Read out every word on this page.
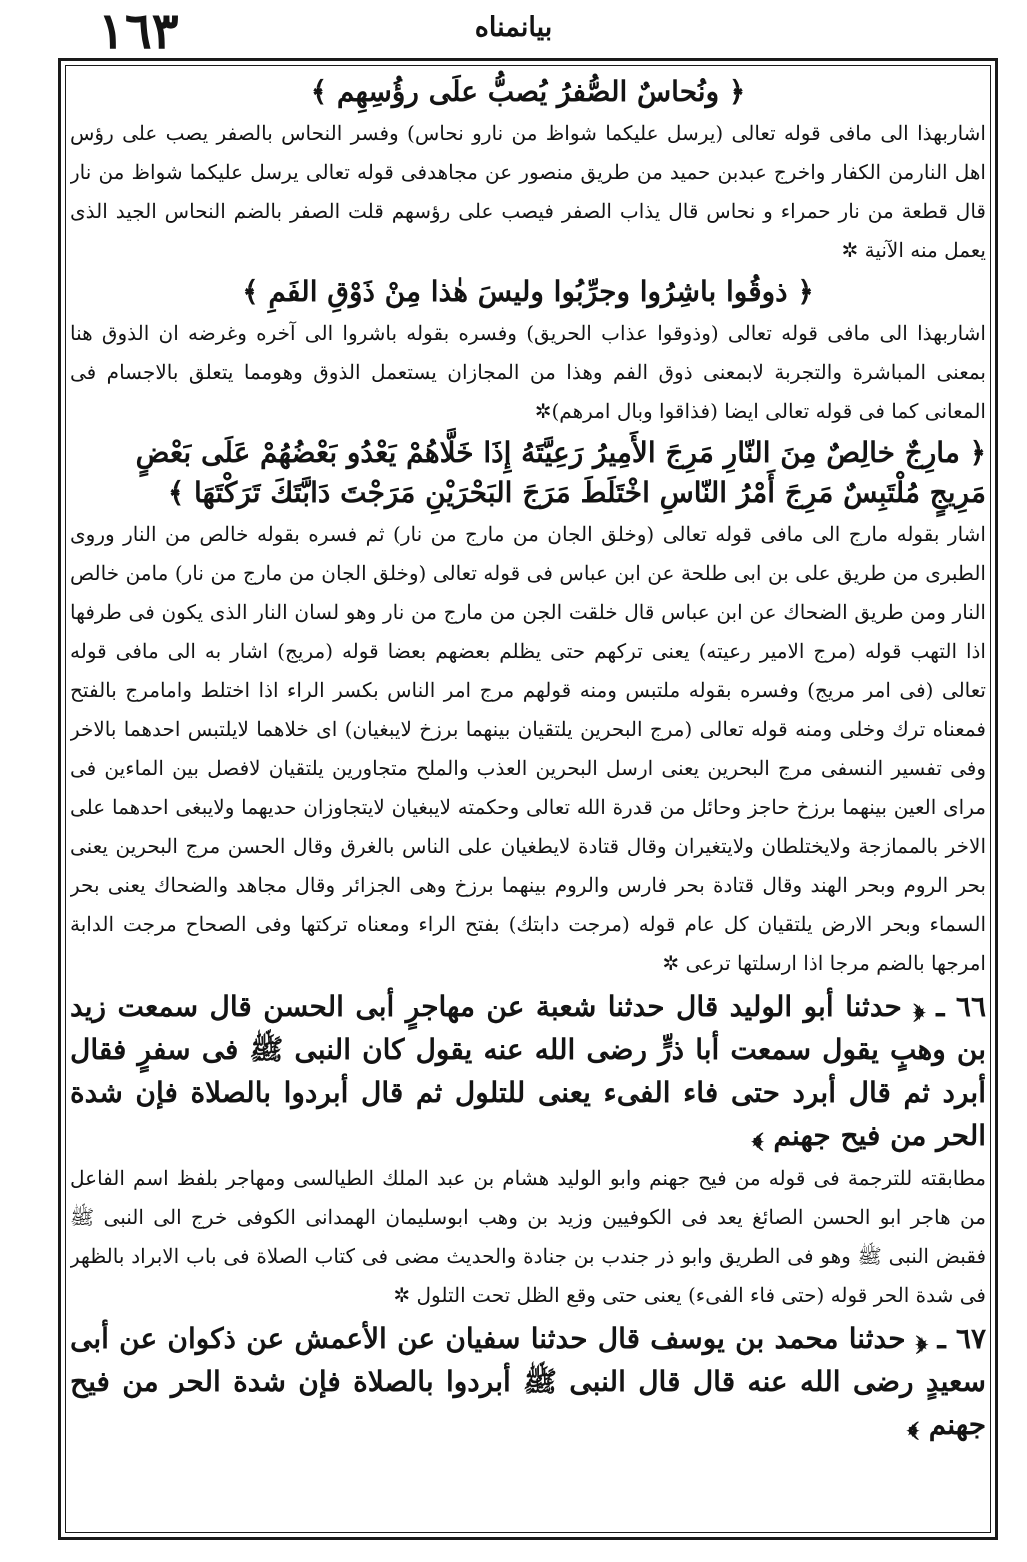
١٦٣	بيانمناه
﴿ ونُحاسٌ الصُّفرُ يُصبُّ علَى رؤُسِهِم ﴾

اشاربهذا الى مافى قوله تعالى (يرسل عليكما شواظ من نارو نحاس) وفسر النحاس بالصفر يصب على رؤس اهل النارمن الكفار واخرج عبدبن حميد من طريق منصور عن مجاهدفى قوله تعالى يرسل عليكما شواظ من نار قال قطعة من نار حمراء و نحاس قال يذاب الصفر فيصب على رؤسهم قلت الصفر بالضم النحاس الجيد الذى يعمل منه الآنية ✲

﴿ ذوقُوا باشِرُوا وجرِّبُوا وليسَ هٰذا مِنْ ذَوْقِ الفَمِ ﴾

اشاربهذا الى مافى قوله تعالى (وذوقوا عذاب الحريق) وفسره بقوله باشروا الى آخره وغرضه ان الذوق هنا بمعنى المباشرة والتجربة لابمعنى ذوق الفم وهذا من المجازان يستعمل الذوق وهومما يتعلق بالاجسام فى المعانى كما فى قوله تعالى ايضا (فذاقوا وبال امرهم)✲

﴿ مارِجٌ خالِصٌ مِنَ النّارِ مَرِجَ الأَمِيرُ رَعِيَّتَهُ إِذَا خَلَّاهُمْ يَعْدُو بَعْضُهُمْ عَلَى بَعْضٍ مَرِيجٍ مُلْتَبِسٌ مَرِجَ أَمْرُ النّاسِ اخْتَلَطَ مَرَجَ البَحْرَيْنِ مَرَجْتَ دَابَّتَكَ تَرَكْتَهَا ﴾

اشار بقوله مارج الى مافى قوله تعالى (وخلق الجان من مارج من نار) ثم فسره بقوله خالص من النار وروى الطبرى من طريق على بن ابى طلحة عن ابن عباس فى قوله تعالى (وخلق الجان من مارج من نار) مامن خالص النار ومن طريق الضحاك عن ابن عباس قال خلقت الجن من مارج من نار وهو لسان النار الذى يكون فى طرفها اذا التهب قوله (مرج الامير رعيته) يعنى تركهم حتى يظلم بعضهم بعضا قوله (مريج) اشار به الى مافى قوله تعالى (فى امر مريج) وفسره بقوله ملتبس ومنه قولهم مرج امر الناس بكسر الراء اذا اختلط وامامرج بالفتح فمعناه ترك وخلى ومنه قوله تعالى (مرج البحرين يلتقيان بينهما برزخ لايبغيان) اى خلاهما لايلتبس احدهما بالاخر وفى تفسير النسفى مرج البحرين يعنى ارسل البحرين العذب والملح متجاورين يلتقيان لافصل بين الماءين فى مراى العين بينهما برزخ حاجز وحائل من قدرة الله تعالى وحكمته لايبغيان لايتجاوزان حديهما ولايبغى احدهما على الاخر بالممازجة ولايختلطان ولايتغيران وقال قتادة لايطغيان على الناس بالغرق وقال الحسن مرج البحرين يعنى بحر الروم وبحر الهند وقال قتادة بحر فارس والروم بينهما برزخ وهى الجزائر وقال مجاهد والضحاك يعنى بحر السماء وبحر الارض يلتقيان كل عام قوله (مرجت دابتك) بفتح الراء ومعناه تركتها وفى الصحاح مرجت الدابة امرجها بالضم مرجا اذا ارسلتها ترعى ✲

٦٦ ـ ﴿ حدثنا أبو الوليد قال حدثنا شعبة عن مهاجرٍ أبى الحسن قال سمعت زيد بن وهبٍ يقول سمعت أبا ذرٍّ رضى الله عنه يقول كان النبى ﷺ فى سفرٍ فقال أبرد ثم قال أبرد حتى فاء الفىء يعنى للتلول ثم قال أبردوا بالصلاة فإن شدة الحر من فيح جهنم ﴾

مطابقته للترجمة فى قوله من فيح جهنم وابو الوليد هشام بن عبد الملك الطيالسى ومهاجر بلفظ اسم الفاعل من هاجر ابو الحسن الصائغ يعد فى الكوفيين وزيد بن وهب ابوسليمان الهمدانى الكوفى خرج الى النبى ﷺ فقبض النبى ﷺ وهو فى الطريق وابو ذر جندب بن جنادة والحديث مضى فى كتاب الصلاة فى باب الابراد بالظهر فى شدة الحر قوله (حتى فاء الفىء) يعنى حتى وقع الظل تحت التلول ✲

٦٧ ـ ﴿ حدثنا محمد بن يوسف قال حدثنا سفيان عن الأعمش عن ذكوان عن أبى سعيدٍ رضى الله عنه قال قال النبى ﷺ أبردوا بالصلاة فإن شدة الحر من فيح جهنم ﴾
